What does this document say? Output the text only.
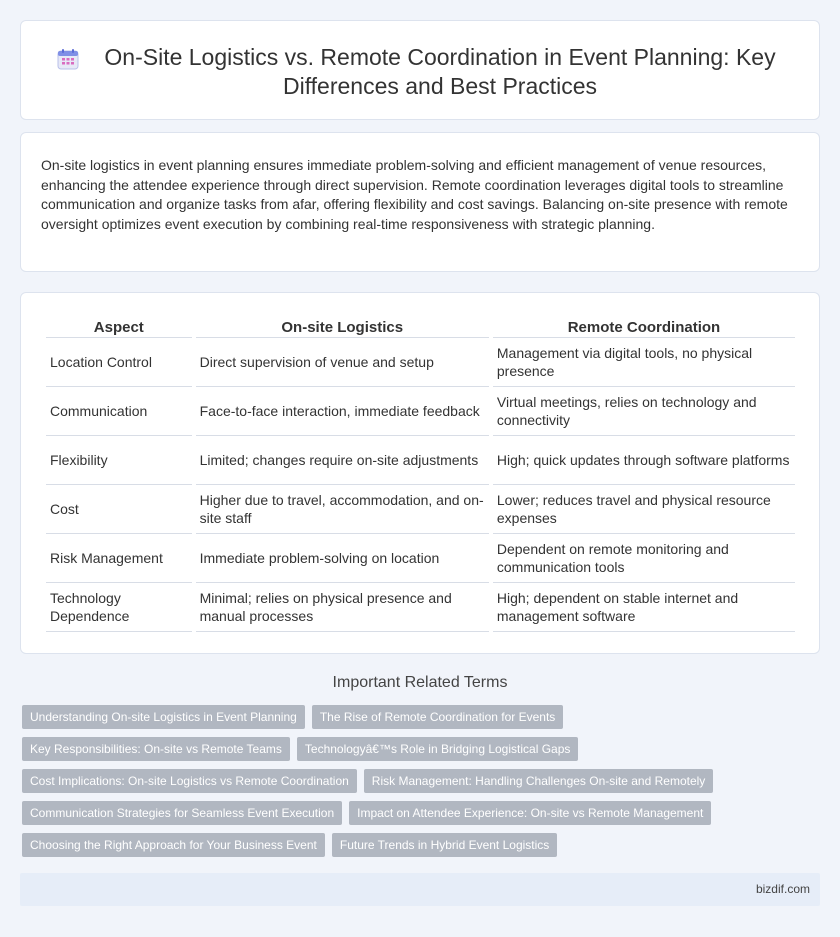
On-Site Logistics vs. Remote Coordination in Event Planning: Key Differences and Best Practices

On-site logistics in event planning ensures immediate problem-solving and efficient management of venue resources, enhancing the attendee experience through direct supervision. Remote coordination leverages digital tools to streamline communication and organize tasks from afar, offering flexibility and cost savings. Balancing on-site presence with remote oversight optimizes event execution by combining real-time responsiveness with strategic planning.

Aspect	On-site Logistics	Remote Coordination
Location Control	Direct supervision of venue and setup	Management via digital tools, no physical presence
Communication	Face-to-face interaction, immediate feedback	Virtual meetings, relies on technology and connectivity
Flexibility	Limited; changes require on-site adjustments	High; quick updates through software platforms
Cost	Higher due to travel, accommodation, and on-site staff	Lower; reduces travel and physical resource expenses
Risk Management	Immediate problem-solving on location	Dependent on remote monitoring and communication tools
Technology Dependence	Minimal; relies on physical presence and manual processes	High; dependent on stable internet and management software
Important Related Terms
Understanding On-site Logistics in Event Planning	The Rise of Remote Coordination for Events
Key Responsibilities: On-site vs Remote Teams	Technologyâ€™s Role in Bridging Logistical Gaps
Cost Implications: On-site Logistics vs Remote Coordination	Risk Management: Handling Challenges On-site and Remotely
Communication Strategies for Seamless Event Execution	Impact on Attendee Experience: On-site vs Remote Management
Choosing the Right Approach for Your Business Event	Future Trends in Hybrid Event Logistics
bizdif.com
